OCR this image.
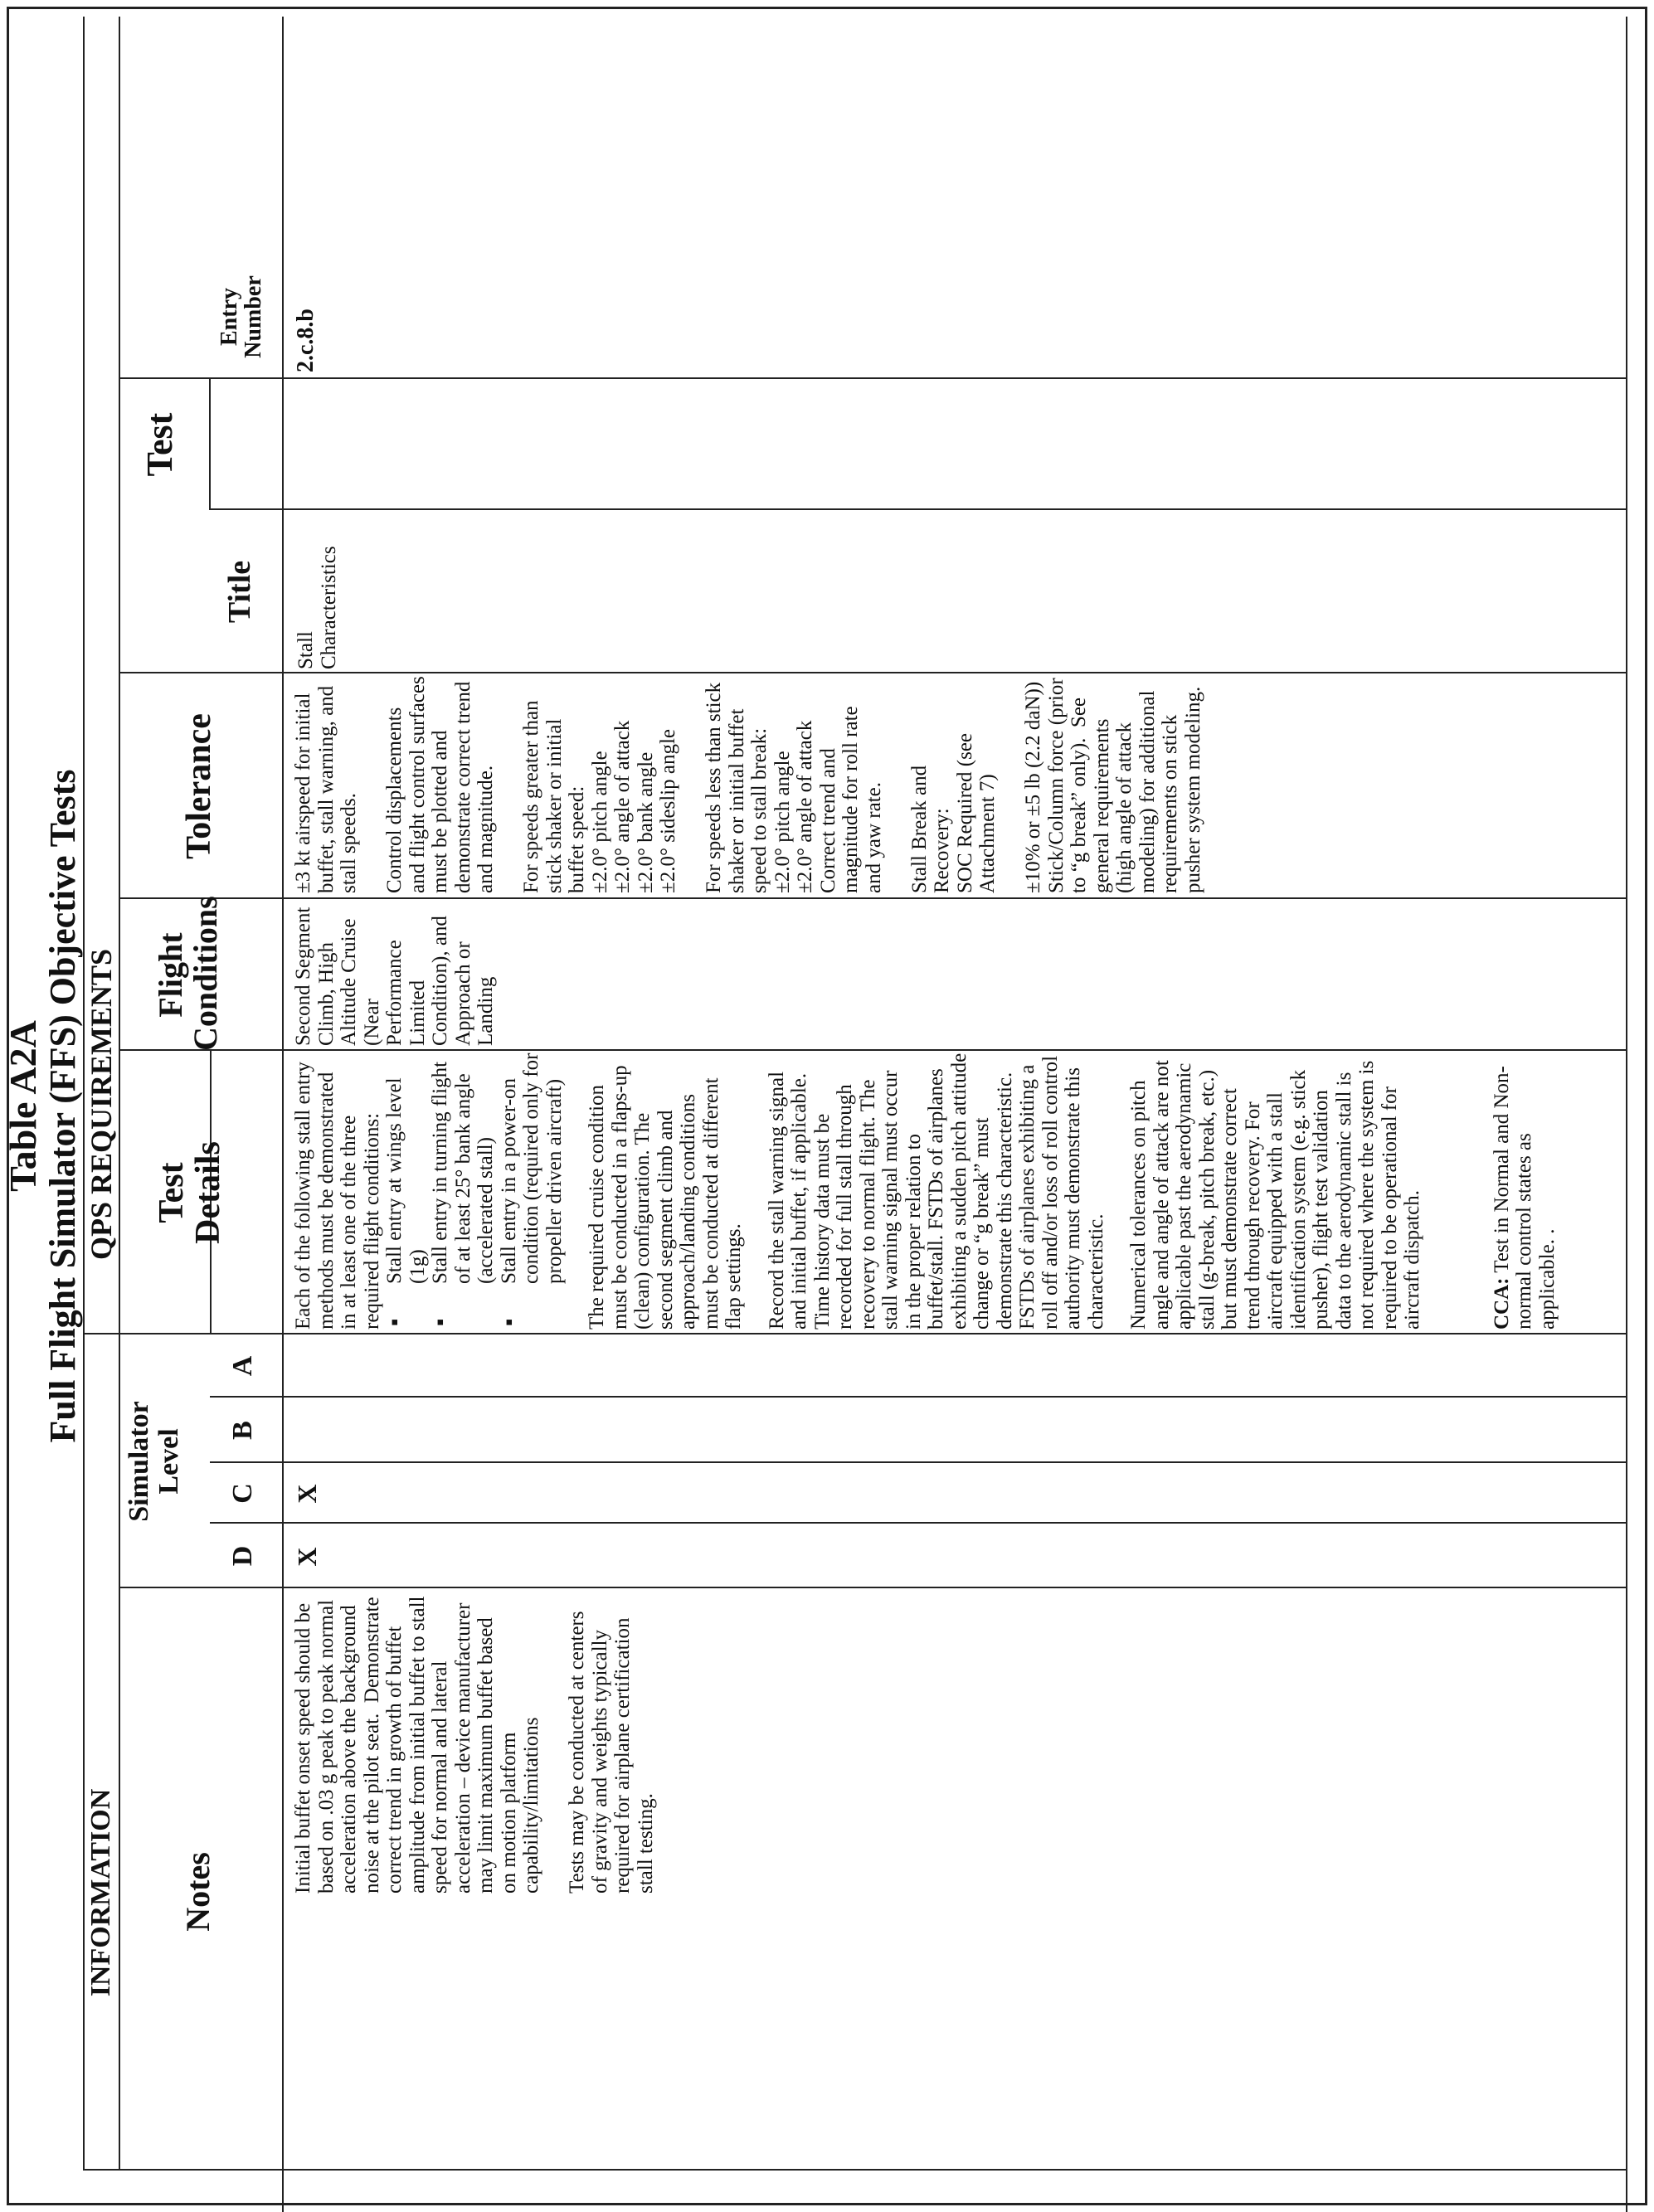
Table A2A
Full Flight Simulator (FFS) Objective Tests QPS REQUIREMENTS
INFORMATION
Test
Entry
Number
Title
Tolerance
Flight
Conditions
Test
Details
Simulator
Level
A
B
C
D
Notes
2.c.8.b
Stall Characteristics
±3 kt airspeed for initial buffet, stall warning, and stall speeds.

Control displacements and flight control surfaces must be plotted and demonstrate correct trend and magnitude.

For speeds greater than stick shaker or initial buffet speed:
±2.0° pitch angle
±2.0° angle of attack
±2.0° bank angle
±2.0° sideslip angle

For speeds less than stick shaker or initial buffet speed to stall break:
±2.0° pitch angle
±2.0° angle of attack
Correct trend and magnitude for roll rate and yaw rate.

Stall Break and Recovery:
SOC Required (see Attachment 7)

±10% or ±5 lb (2.2 daN)) Stick/Column force (prior to “g break” only).  See general requirements (high angle of attack modeling) for additional requirements on stick pusher system modeling.
Second Segment Climb, High Altitude Cruise (Near Performance Limited Condition), and Approach or Landing
Each of the following stall entry methods must be demonstrated in at least one of the three required flight conditions: ▪ Stall entry at wings level (1g) ▪ Stall entry in turning flight of at least 25° bank angle (accelerated stall) ▪ Stall entry in a power-on condition (required only for propeller driven aircraft) The required cruise condition must be conducted in a flaps-up (clean) configuration. The second segment climb and approach/landing conditions must be conducted at different flap settings. Record the stall warning signal and initial buffet, if applicable. Time history data must be recorded for full stall through recovery to normal flight. The stall warning signal must occur in the proper relation to buffet/stall. FSTDs of airplanes exhibiting a sudden pitch attitude change or “g break” must demonstrate this characteristic. FSTDs of airplanes exhibiting a roll off and/or loss of roll control authority must demonstrate this characteristic. Numerical tolerances on pitch angle and angle of attack are not applicable past the aerodynamic stall (g-break, pitch break, etc.) but must demonstrate correct trend through recovery. For aircraft equipped with a stall identification system (e.g. stick pusher), flight test validation data to the aerodynamic stall is not required where the system is required to be operational for aircraft dispatch.	CCA: Test in Normal and Non-normal control states as applicable. .
X
X
Initial buffet onset speed should be based on .03 g peak to peak normal acceleration above the background noise at the pilot seat.  Demonstrate correct trend in growth of buffet amplitude from initial buffet to stall speed for normal and lateral acceleration – device manufacturer may limit maximum buffet based on motion platform capability/limitations

Tests may be conducted at centers of gravity and weights typically required for airplane certification stall testing.
